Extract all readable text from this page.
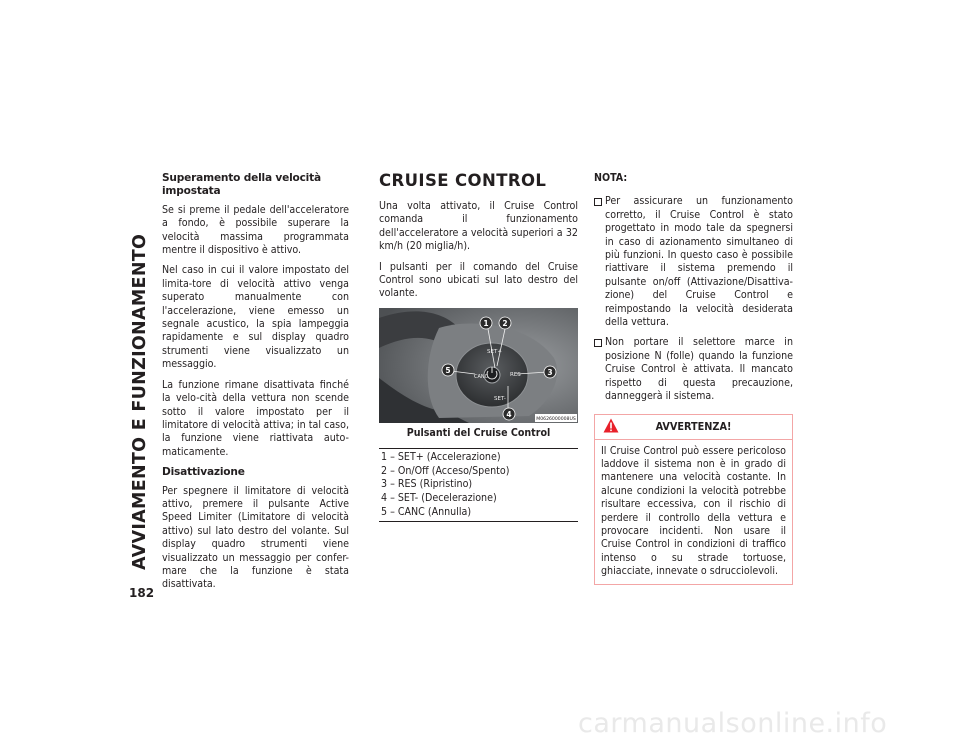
AVVIAMENTO E FUNZIONAMENTO
182
Superamento della velocità impostata

Se si preme il pedale dell'acceleratore a fondo, è possibile superare la velocità massima programmata mentre il dispositivo è attivo.

Nel caso in cui il valore impostato del limita-tore di velocità attivo venga superato manualmente con l'accelerazione, viene emesso un segnale acustico, la spia lampeggia rapidamente e sul display quadro strumenti viene visualizzato un messaggio.

La funzione rimane disattivata finché la velo-cità della vettura non scende sotto il valore impostato per il limitatore di velocità attiva; in tal caso, la funzione viene riattivata auto-maticamente.

Disattivazione

Per spegnere il limitatore di velocità attivo, premere il pulsante Active Speed Limiter (Limitatore di velocità attivo) sul lato destro del volante. Sul display quadro strumenti viene visualizzato un messaggio per confer-mare che la funzione è stata disattivata.

CRUISE CONTROL

Una volta attivato, il Cruise Control comanda il funzionamento dell'acceleratore a velocità superiori a 32 km/h (20 miglia/h).

I pulsanti per il comando del Cruise Control sono ubicati sul lato destro del volante.

SET+
CANC	RES
SET-
1 2
3
4
5
M0626000008US
Pulsanti del Cruise Control
1 – SET+ (Accelerazione)
2 – On/Off (Acceso/Spento)
3 – RES (Ripristino)
4 – SET- (Decelerazione)
5 – CANC (Annulla)
NOTA:
Per assicurare un funzionamento corretto, il Cruise Control è stato progettato in modo tale da spegnersi in caso di azionamento simultaneo di più funzioni. In questo caso è possibile riattivare il sistema premendo il pulsante on/off (Attivazione/Disattiva-zione) del Cruise Control e reimpostando la velocità desiderata della vettura.
Non portare il selettore marce in posizione N (folle) quando la funzione Cruise Control è attivata. Il mancato rispetto di questa precauzione, danneggerà il sistema.
AVVERTENZA!
Il Cruise Control può essere pericoloso laddove il sistema non è in grado di mantenere una velocità costante. In alcune condizioni la velocità potrebbe risultare eccessiva, con il rischio di perdere il controllo della vettura e provocare incidenti. Non usare il Cruise Control in condizioni di traffico intenso o su strade tortuose, ghiacciate, innevate o sdrucciolevoli.
carmanualsonline.info
